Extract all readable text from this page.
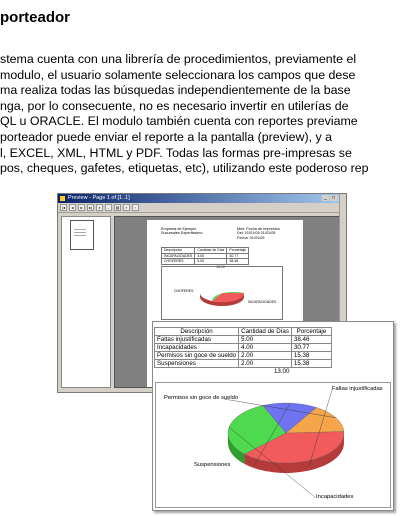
porteador
stema cuenta con una librería de procedimientos, previamente el
modulo, el usuario solamente seleccionara los campos que dese
ma realiza todas las búsquedas independientemente de la base
nga, por lo consecuente, no es necesario invertir en utilerías de
QL u ORACLE. El modulo también cuenta con reportes previame
porteador puede enviar el reporte a la pantalla (preview), y a
l, EXCEL, XML, HTML y PDF. Todas las formas pre-impresas se
pos, cheques, gafetes, etiquetas, etc), utilizando este poderoso rep
Preview - Page 1 of [1..1]	_	□
|◂	◂	▸	▸|	⌕	-	▤	▪	▫
Empresa de Ejemplo
Sucursales Expertissimo
Mes: Fecha de Impresión
Del: 01/01/05 01/01/05
Fecha: 01/01/05
Descripción	Cantidad de Días	Porcentaje
INCAPACIDADES	4.00	30.77
CHOFERES	5.00	38.46
	13.00	
CHOFERES
INCAPACIDADES
Descripción	Cantidad de Días	Porcentaje
Faltas injustificadas	5.00	38.46
Incapacidades	4.00	30.77
Permisos sin goce de sueldo	2.00	15.38
Suspensiones	2.00	15.38
	13.00	
Faltas injustificadas
Incapacidades
Suspensiones
Permisos sin goce de sueldo
